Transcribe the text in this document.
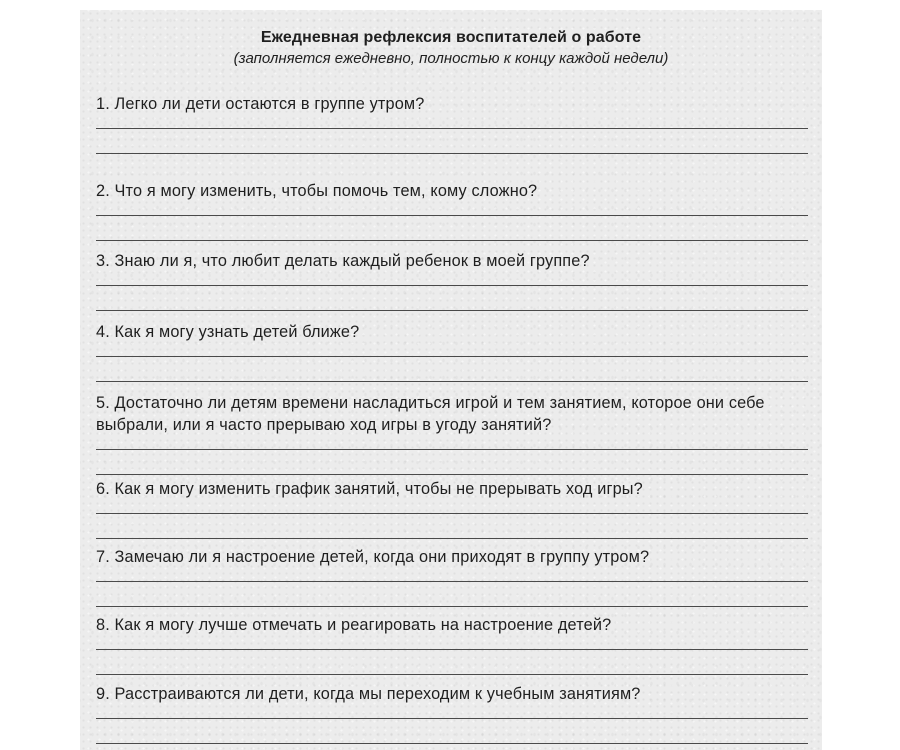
Ежедневная рефлексия воспитателей о работе
(заполняется ежедневно, полностью к концу каждой недели)
1. Легко ли дети остаются в группе утром?
2. Что я могу изменить, чтобы помочь тем, кому сложно?
3. Знаю ли я, что любит делать каждый ребенок в моей группе?
4. Как я могу узнать детей ближе?
5. Достаточно ли детям времени насладиться игрой и тем занятием, которое они себе выбрали, или я часто прерываю ход игры в угоду занятий?
6. Как я могу изменить график занятий, чтобы не прерывать ход игры?
7. Замечаю ли я настроение детей, когда они приходят в группу утром?
8. Как я могу лучше отмечать и реагировать на настроение детей?
9. Расстраиваются ли дети, когда мы переходим к учебным занятиям?
